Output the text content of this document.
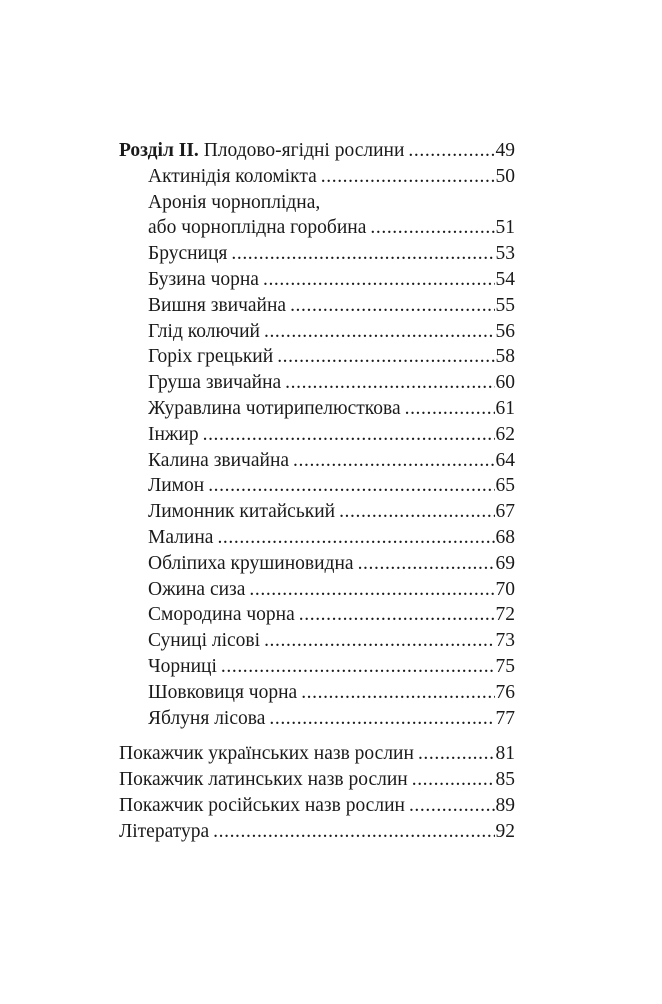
Розділ II. Плодово-ягідні рослини .....	49
Актинідія коломікта .....	50
Аронія чорноплідна,
або чорноплідна горобина .....	51
Брусниця .....	53
Бузина чорна .....	54
Вишня звичайна .....	55
Глід колючий .....	56
Горіх грецький .....	58
Груша звичайна .....	60
Журавлина чотирипелюсткова .....	61
Інжир .....	62
Калина звичайна .....	64
Лимон .....	65
Лимонник китайський .....	67
Малина .....	68
Обліпиха крушиновидна .....	69
Ожина сиза .....	70
Смородина чорна .....	72
Суниці лісові .....	73
Чорниці .....	75
Шовковиця чорна .....	76
Яблуня лісова .....	77
Покажчик українських назв рослин .....	81
Покажчик латинських назв рослин .....	85
Покажчик російських назв рослин .....	89
Література .....	92
